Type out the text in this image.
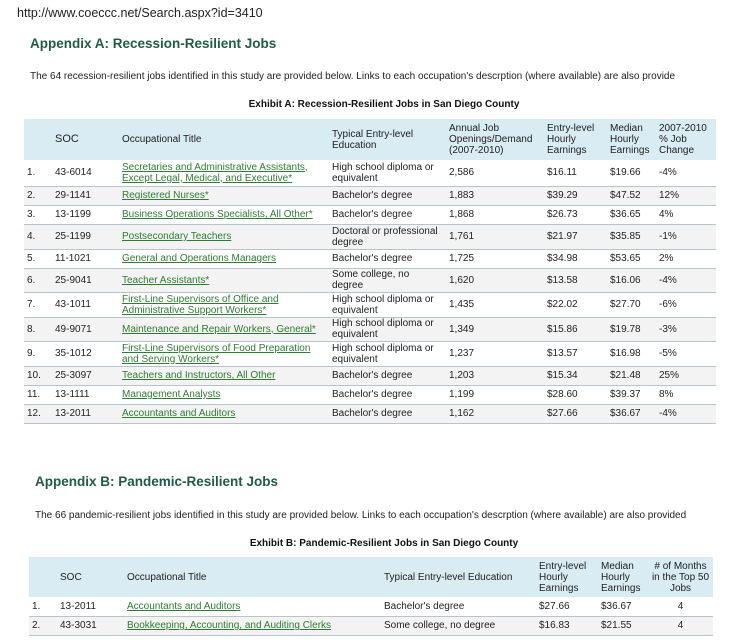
http://www.coeccc.net/Search.aspx?id=3410
Appendix A: Recession-Resilient Jobs
The 64 recession-resilient jobs identified in this study are provided below. Links to each occupation's descrption (where available) are also provide
Exhibit A: Recession-Resilient Jobs in San Diego County
	SOC	Occupational Title	Typical Entry-level Education	Annual Job Openings/Demand (2007-2010)	Entry-level Hourly Earnings	Median Hourly Earnings	2007-2010 % Job Change
1.	43-6014	Secretaries and Administrative Assistants, Except Legal, Medical, and Executive*	High school diploma or equivalent	2,586	$16.11	$19.66	-4%
2.	29-1141	Registered Nurses*	Bachelor's degree	1,883	$39.29	$47.52	12%
3.	13-1199	Business Operations Specialists, All Other*	Bachelor's degree	1,868	$26.73	$36.65	4%
4.	25-1199	Postsecondary Teachers	Doctoral or professional degree	1,761	$21.97	$35.85	-1%
5.	11-1021	General and Operations Managers	Bachelor's degree	1,725	$34.98	$53.65	2%
6.	25-9041	Teacher Assistants*	Some college, no degree	1,620	$13.58	$16.06	-4%
7.	43-1011	First-Line Supervisors of Office and Administrative Support Workers*	High school diploma or equivalent	1,435	$22.02	$27.70	-6%
8.	49-9071	Maintenance and Repair Workers, General*	High school diploma or equivalent	1,349	$15.86	$19.78	-3%
9.	35-1012	First-Line Supervisors of Food Preparation and Serving Workers*	High school diploma or equivalent	1,237	$13.57	$16.98	-5%
10.	25-3097	Teachers and Instructors, All Other	Bachelor's degree	1,203	$15.34	$21.48	25%
11.	13-1111	Management Analysts	Bachelor's degree	1,199	$28.60	$39.37	8%
12.	13-2011	Accountants and Auditors	Bachelor's degree	1,162	$27.66	$36.67	-4%
Appendix B: Pandemic-Resilient Jobs
The 66 pandemic-resilient jobs identified in this study are provided below. Links to each occupation's descrption (where available) are also provided
Exhibit B: Pandemic-Resilient Jobs in San Diego County
	SOC	Occupational Title	Typical Entry-level Education	Entry-level Hourly Earnings	Median Hourly Earnings	# of Months in the Top 50 Jobs
1.	13-2011	Accountants and Auditors	Bachelor's degree	$27.66	$36.67	4
2.	43-3031	Bookkeeping, Accounting, and Auditing Clerks	Some college, no degree	$16.83	$21.55	4
